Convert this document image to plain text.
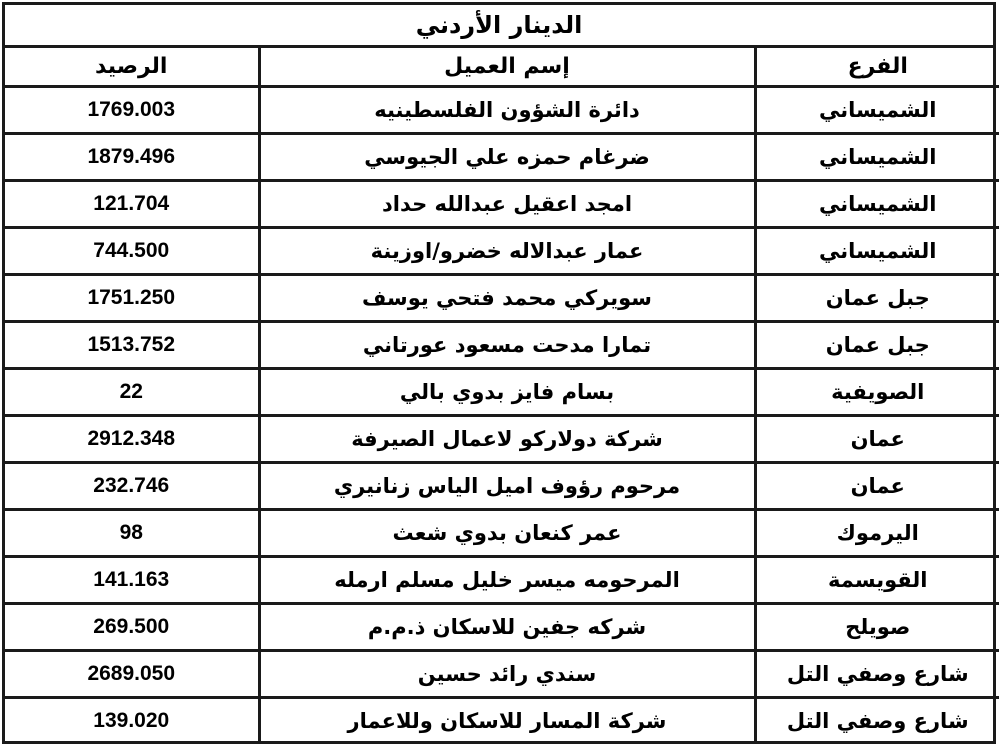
الدينار الأردني
الرصيد	إسم العميل	الفرع
1769.003	دائرة الشؤون الفلسطينيه	الشميساني
1879.496	ضرغام حمزه علي الجيوسي	الشميساني
121.704	امجد اعقيل عبدالله حداد	الشميساني
744.500	عمار عبدالاله خضرو/اوزينة	الشميساني
1751.250	سويركي محمد فتحي يوسف	جبل عمان
1513.752	تمارا مدحت مسعود عورتاني	جبل عمان
22	بسام فايز بدوي بالي	الصويفية
2912.348	شركة دولاركو لاعمال الصيرفة	عمان
232.746	مرحوم رؤوف اميل الياس زنانيري	عمان
98	عمر كنعان بدوي شعث	اليرموك
141.163	المرحومه ميسر خليل مسلم ارمله	القويسمة
269.500	شركه جفين للاسكان ذ.م.م	صويلح
2689.050	سندي رائد حسين	شارع وصفي التل
139.020	شركة المسار للاسكان وللاعمار	شارع وصفي التل
